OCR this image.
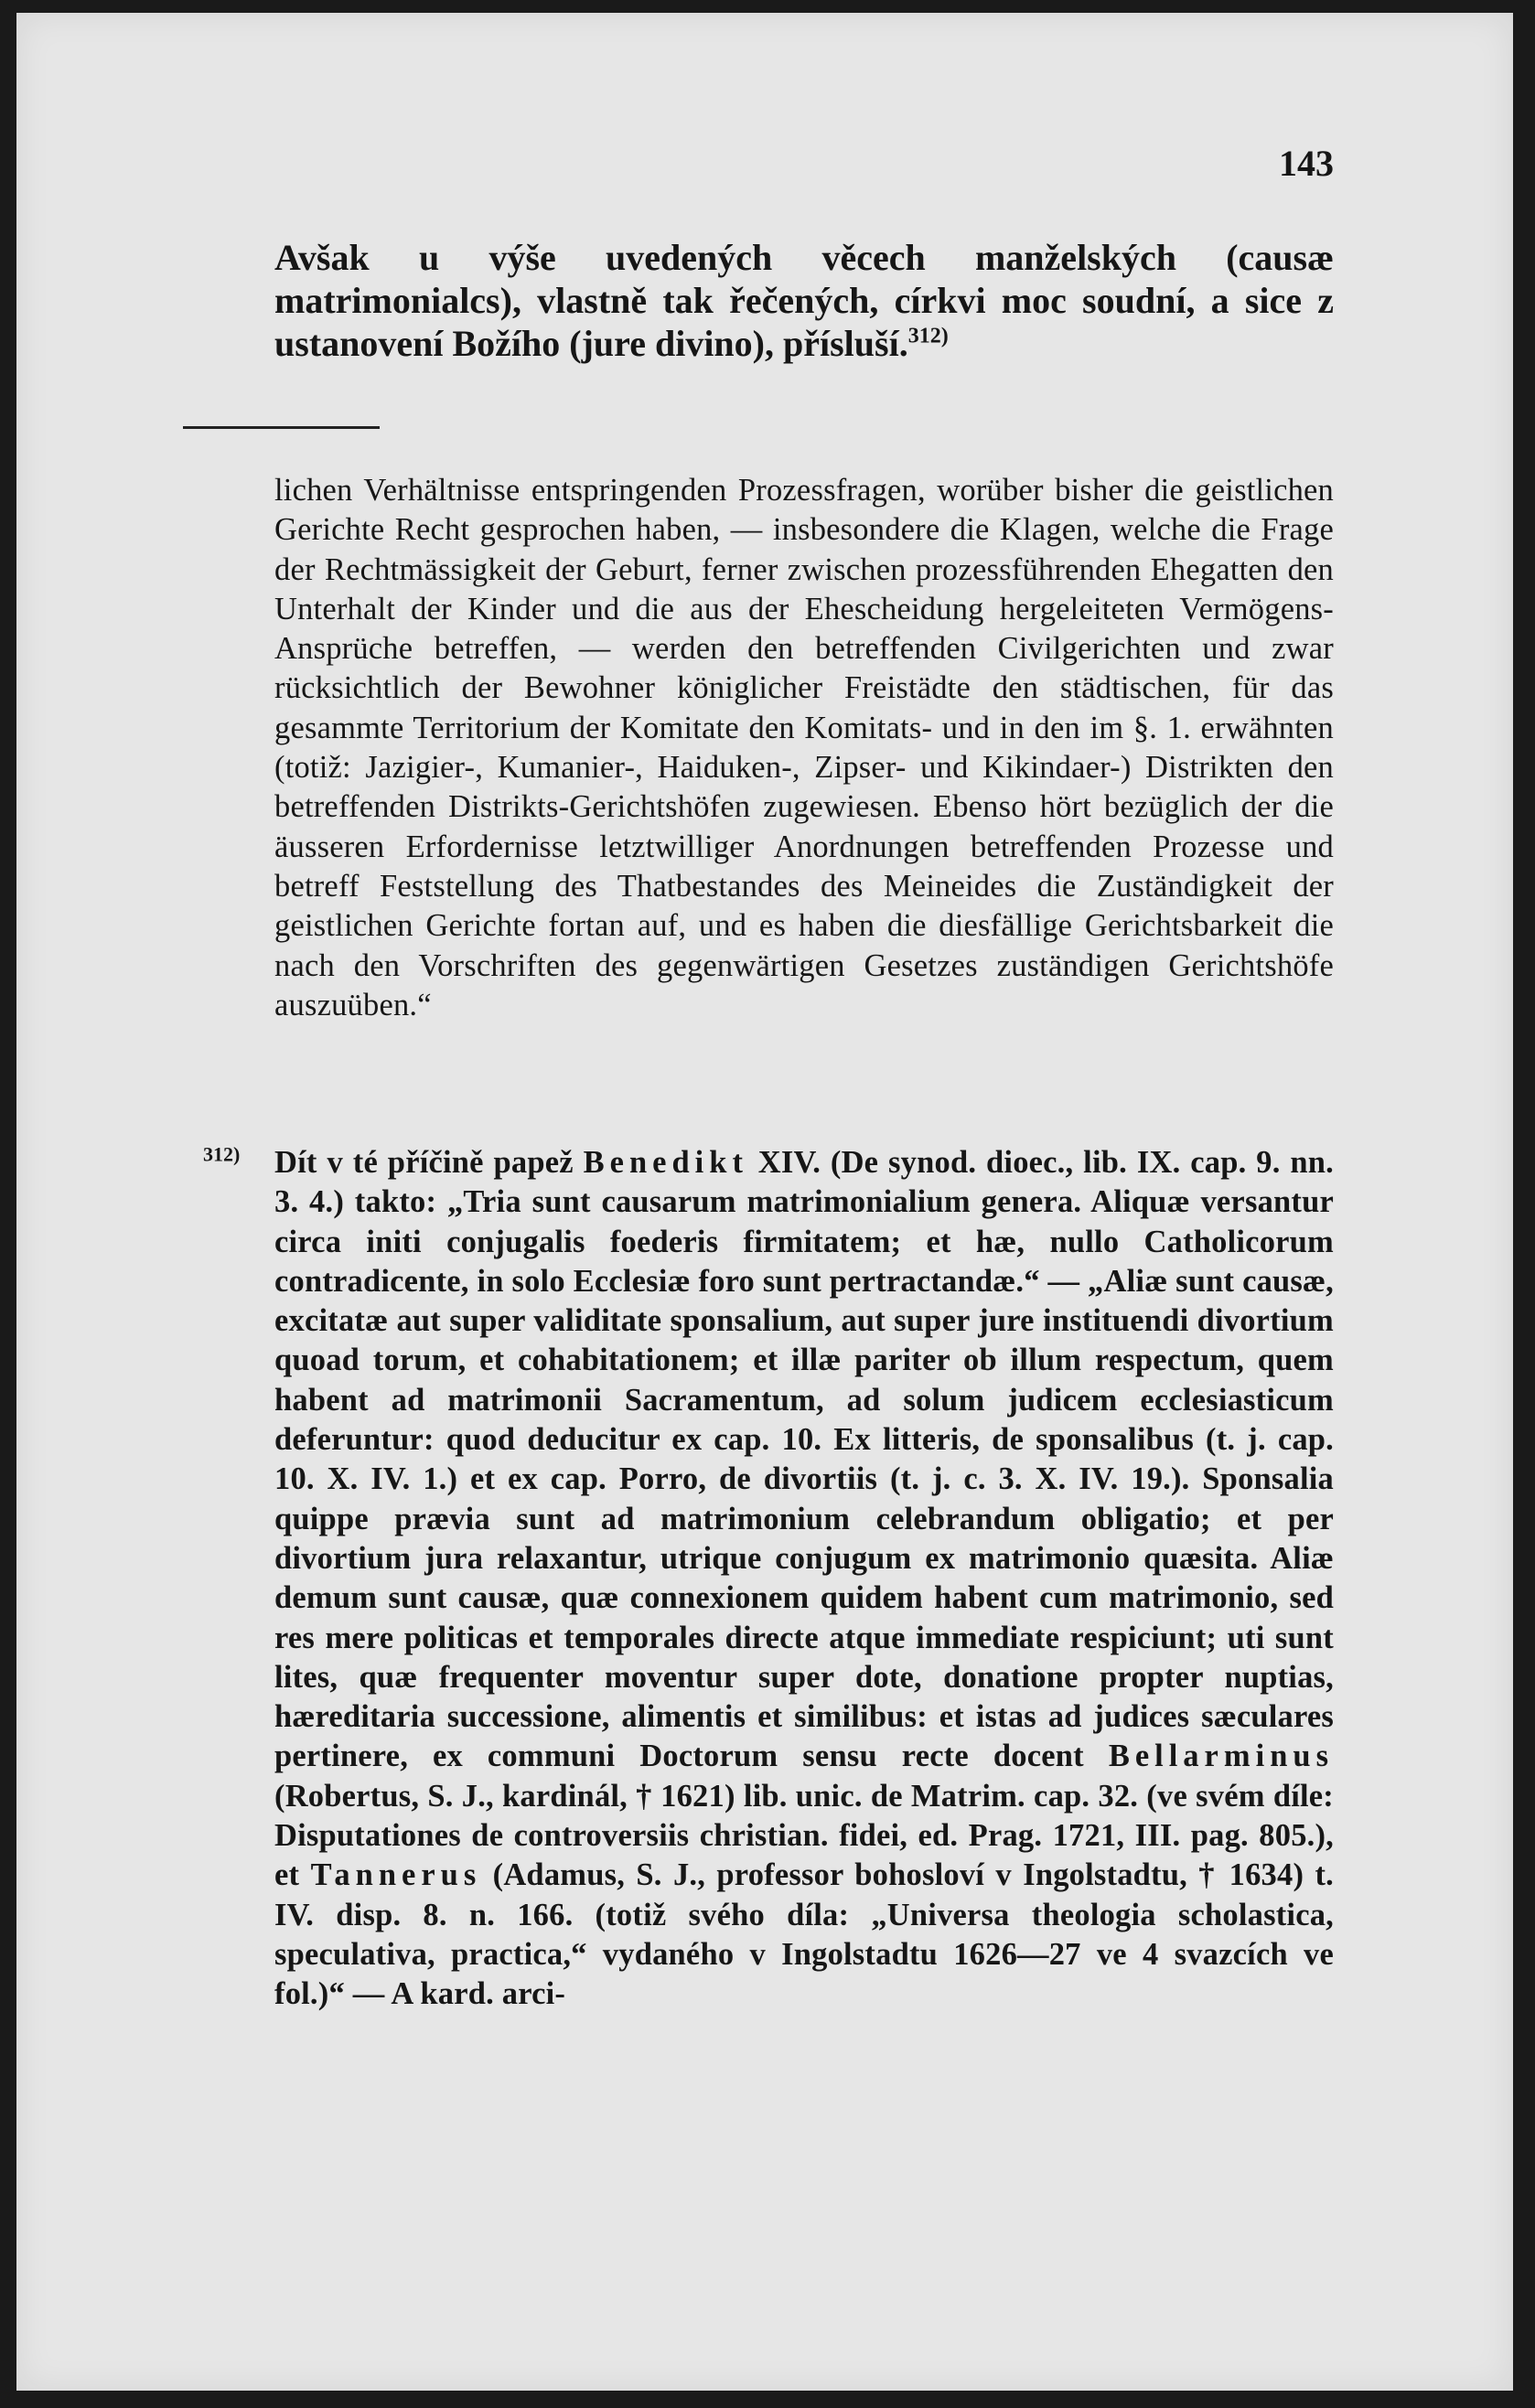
143
Avšak u výše uvedených věcech manželských (causæ matrimonialcs), vlastně tak řečených, církvi moc soudní, a sice z ustanovení Božího (jure divino), přísluší.$^{312)}$
lichen Verhältnisse entspringenden Prozessfragen, worüber bisher die geistlichen Gerichte Recht gesprochen haben, — insbesondere die Klagen, welche die Frage der Rechtmässigkeit der Geburt, ferner zwischen prozessführenden Ehegatten den Unterhalt der Kinder und die aus der Ehescheidung hergeleiteten Vermögens-Ansprüche betreffen, — werden den betreffenden Civilgerichten und zwar rücksichtlich der Bewohner königlicher Freistädte den städtischen, für das gesammte Territorium der Komitate den Komitats- und in den im §. 1. erwähnten (totiž: Jazigier-, Kumanier-, Haiduken-, Zipser- und Kikindaer-) Distrikten den betreffenden Distrikts-Gerichtshöfen zugewiesen. Ebenso hört bezüglich der die äusseren Erfordernisse letztwilliger Anordnungen betreffenden Prozesse und betreff Feststellung des Thatbestandes des Meineides die Zuständigkeit der geistlichen Gerichte fortan auf, und es haben die diesfällige Gerichtsbarkeit die nach den Vorschriften des gegenwärtigen Gesetzes zuständigen Gerichtshöfe auszuüben.“
$^{312)}$ Dít v té příčině papež Benedikt XIV. (De synod. dioec., lib. IX. cap. 9. nn. 3. 4.) takto: „Tria sunt causarum matrimonialium genera. Aliquæ versantur circa initi conjugalis foederis firmitatem; et hæ, nullo Catholicorum contradicente, in solo Ecclesiæ foro sunt pertractandæ.“ — „Aliæ sunt causæ, excitatæ aut super validitate sponsalium, aut super jure instituendi divortium quoad torum, et cohabitationem; et illæ pariter ob illum respectum, quem habent ad matrimonii Sacramentum, ad solum judicem ecclesiasticum deferuntur: quod deducitur ex cap. 10. Ex litteris, de sponsalibus (t. j. cap. 10. X. IV. 1.) et ex cap. Porro, de divortiis (t. j. c. 3. X. IV. 19.). Sponsalia quippe prævia sunt ad matrimonium celebrandum obligatio; et per divortium jura relaxantur, utrique conjugum ex matrimonio quæsita. Aliæ demum sunt causæ, quæ connexionem quidem habent cum matrimonio, sed res mere politicas et temporales directe atque immediate respiciunt; uti sunt lites, quæ frequenter moventur super dote, donatione propter nuptias, hæreditaria successione, alimentis et similibus: et istas ad judices sæculares pertinere, ex communi Doctorum sensu recte docent Bellarminus (Robertus, S. J., kardinál, † 1621) lib. unic. de Matrim. cap. 32. (ve svém díle: Disputationes de controversiis christian. fidei, ed. Prag. 1721, III. pag. 805.), et Tannerus (Adamus, S. J., professor bohosloví v Ingolstadtu, † 1634) t. IV. disp. 8. n. 166. (totiž svého díla: „Universa theologia scholastica, speculativa, practica,“ vydaného v Ingolstadtu 1626—27 ve 4 svazcích ve fol.)“ — A kard. arci-
